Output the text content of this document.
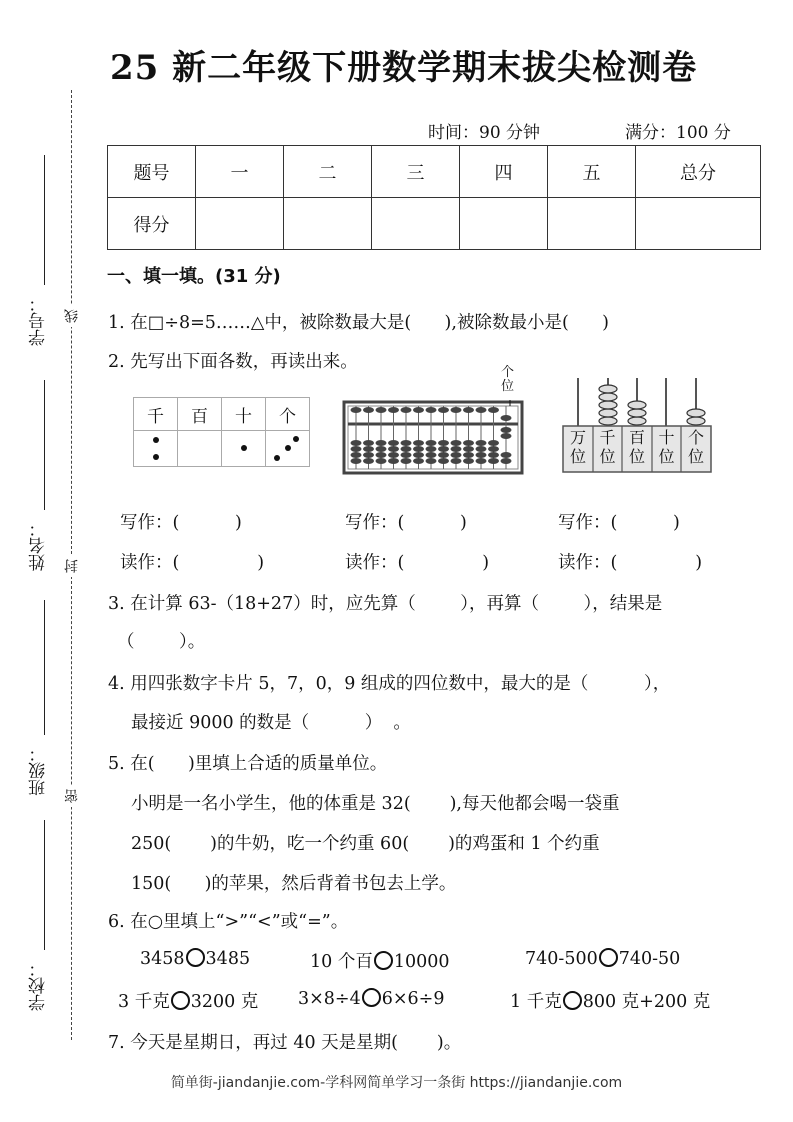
线
封
密
学号：
姓名：
班级：
学校：
25 新二年级下册数学期末拔尖检测卷
时间：90 分钟	满分：100 分
题号	一	二	三	四	五	总分
得分						
一、填一填。(31 分)
1. 在□÷8=5……△中，被除数最大是(      ),被除数最小是(      )
2. 先写出下面各数，再读出来。
千	百	十	个

个位
万位
千位
百位
十位
个位
写作：(          )	写作：(          )	写作：(          )
读作：(              )	读作：(              )	读作：(              )
3. 在计算 63-（18+27）时，应先算（        ），再算（        ），结果是
（        ）。
4. 用四张数字卡片 5，7，0，9 组成的四位数中，最大的是（          ），
最接近 9000 的数是（          ）  。
5. 在(      )里填上合适的质量单位。
小明是一名小学生，他的体重是 32(       ),每天他都会喝一袋重
250(       )的牛奶，吃一个约重 60(       )的鸡蛋和 1 个约重
150(      )的苹果，然后背着书包去上学。
6. 在○里填上“>”“<”或“=”。
3458 3485	10 个百 10000	740-500 740-50
3 千克 3200 克 3×8÷4 6×6÷9	1 千克 800 克+200 克
7. 今天是星期日，再过 40 天是星期(       )。
简单街-jiandanjie.com-学科网简单学习一条街 https://jiandanjie.com
